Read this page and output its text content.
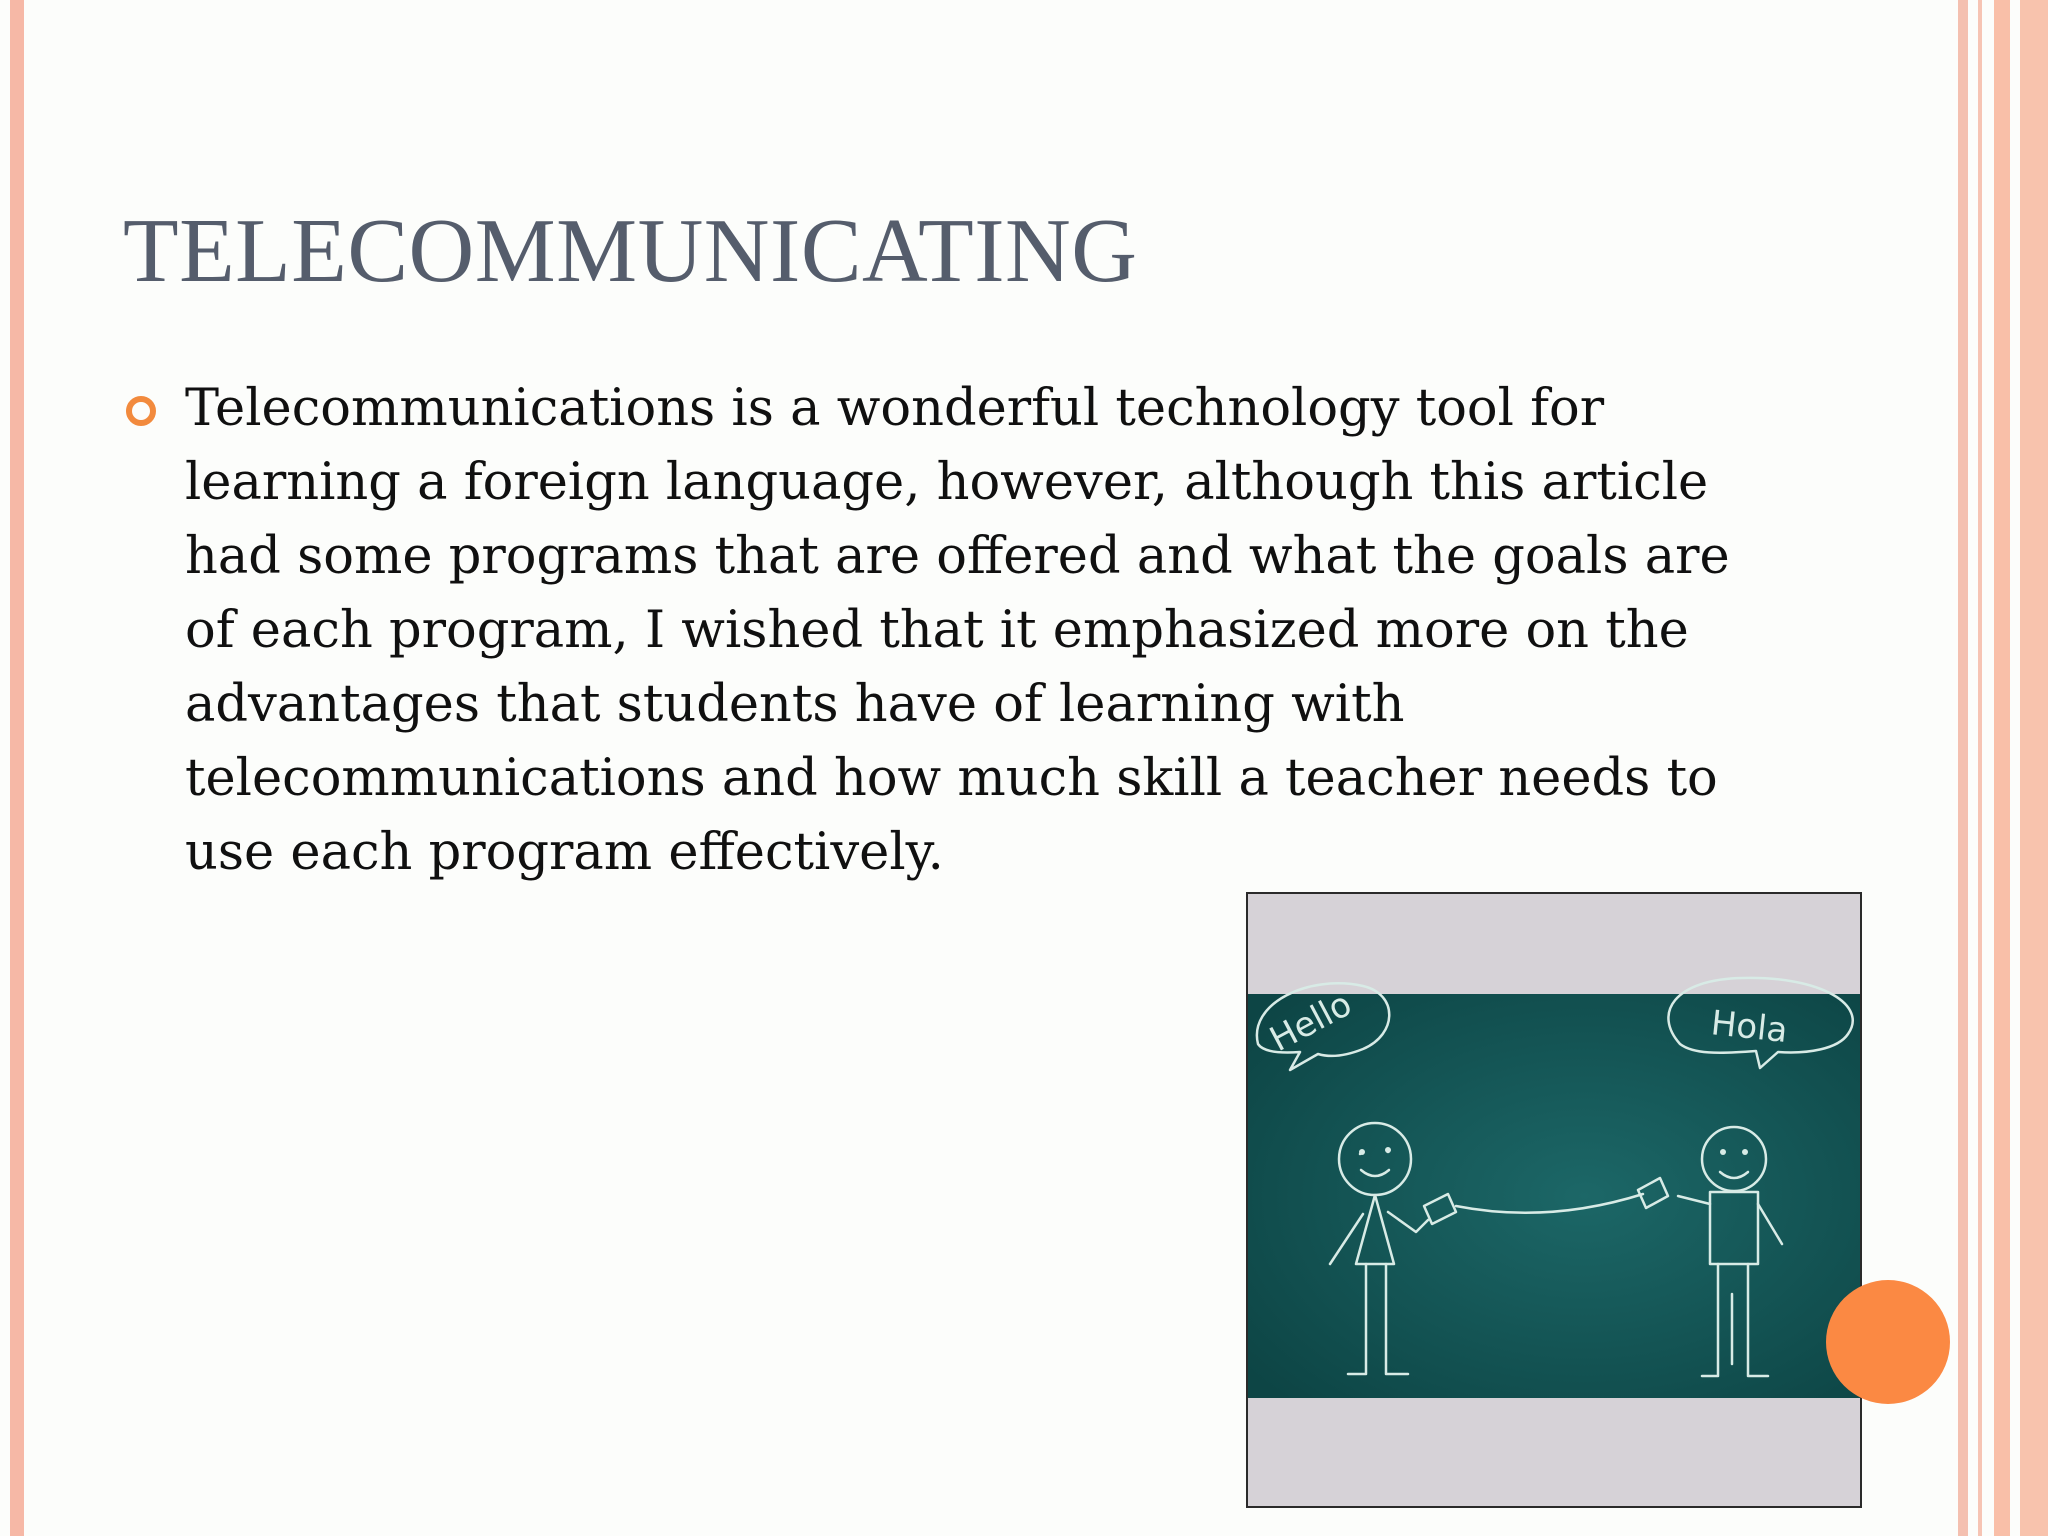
TELECOMMUNICATING

Telecommunications is a wonderful technology tool for
learning a foreign language, however, although this article
had some programs that are offered and what the goals are
of each program, I wished that it emphasized more on the
advantages that students have of learning with
telecommunications and how much skill a teacher needs to
use each program effectively.

Hello	Hola
